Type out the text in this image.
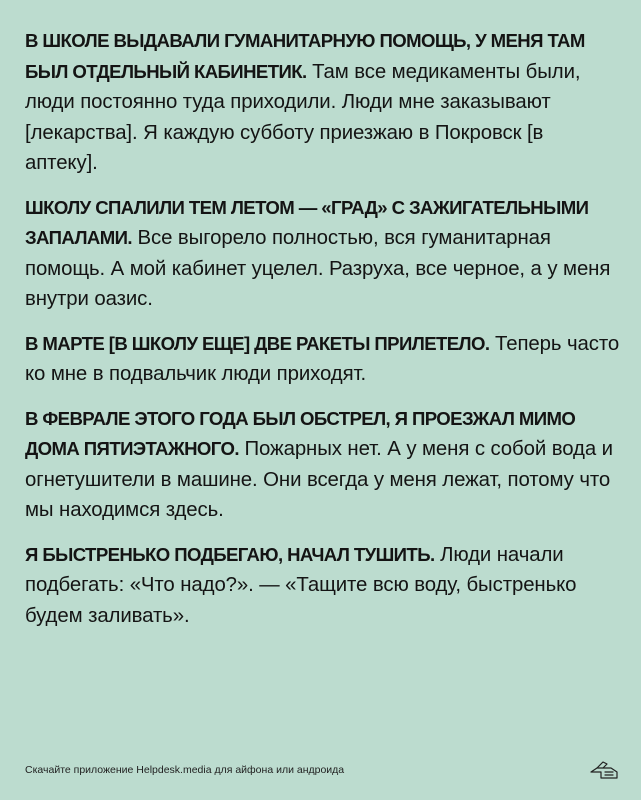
В ШКОЛЕ ВЫДАВАЛИ ГУМАНИТАРНУЮ ПОМОЩЬ, У МЕНЯ ТАМ БЫЛ ОТДЕЛЬНЫЙ КАБИНЕТИК. Там все медикаменты были, люди постоянно туда приходили. Люди мне заказывают [лекарства]. Я каждую субботу приезжаю в Покровск [в аптеку].

ШКОЛУ СПАЛИЛИ ТЕМ ЛЕТОМ — «ГРАД» С ЗАЖИГАТЕЛЬНЫМИ ЗАПАЛАМИ. Все выгорело полностью, вся гуманитарная помощь. А мой кабинет уцелел. Разруха, все черное, а у меня внутри оазис.

В МАРТЕ [В ШКОЛУ ЕЩЕ] ДВЕ РАКЕТЫ ПРИЛЕТЕЛО. Теперь часто ко мне в подвальчик люди приходят.

В ФЕВРАЛЕ ЭТОГО ГОДА БЫЛ ОБСТРЕЛ, Я ПРОЕЗЖАЛ МИМО ДОМА ПЯТИЭТАЖНОГО. Пожарных нет. А у меня с собой вода и огнетушители в машине. Они всегда у меня лежат, потому что мы находимся здесь.

Я БЫСТРЕНЬКО ПОДБЕГАЮ, НАЧАЛ ТУШИТЬ. Люди начали подбегать: «Что надо?». — «Тащите всю воду, быстренько будем заливать».

Скачайте приложение Helpdesk.media для айфона или андроида
